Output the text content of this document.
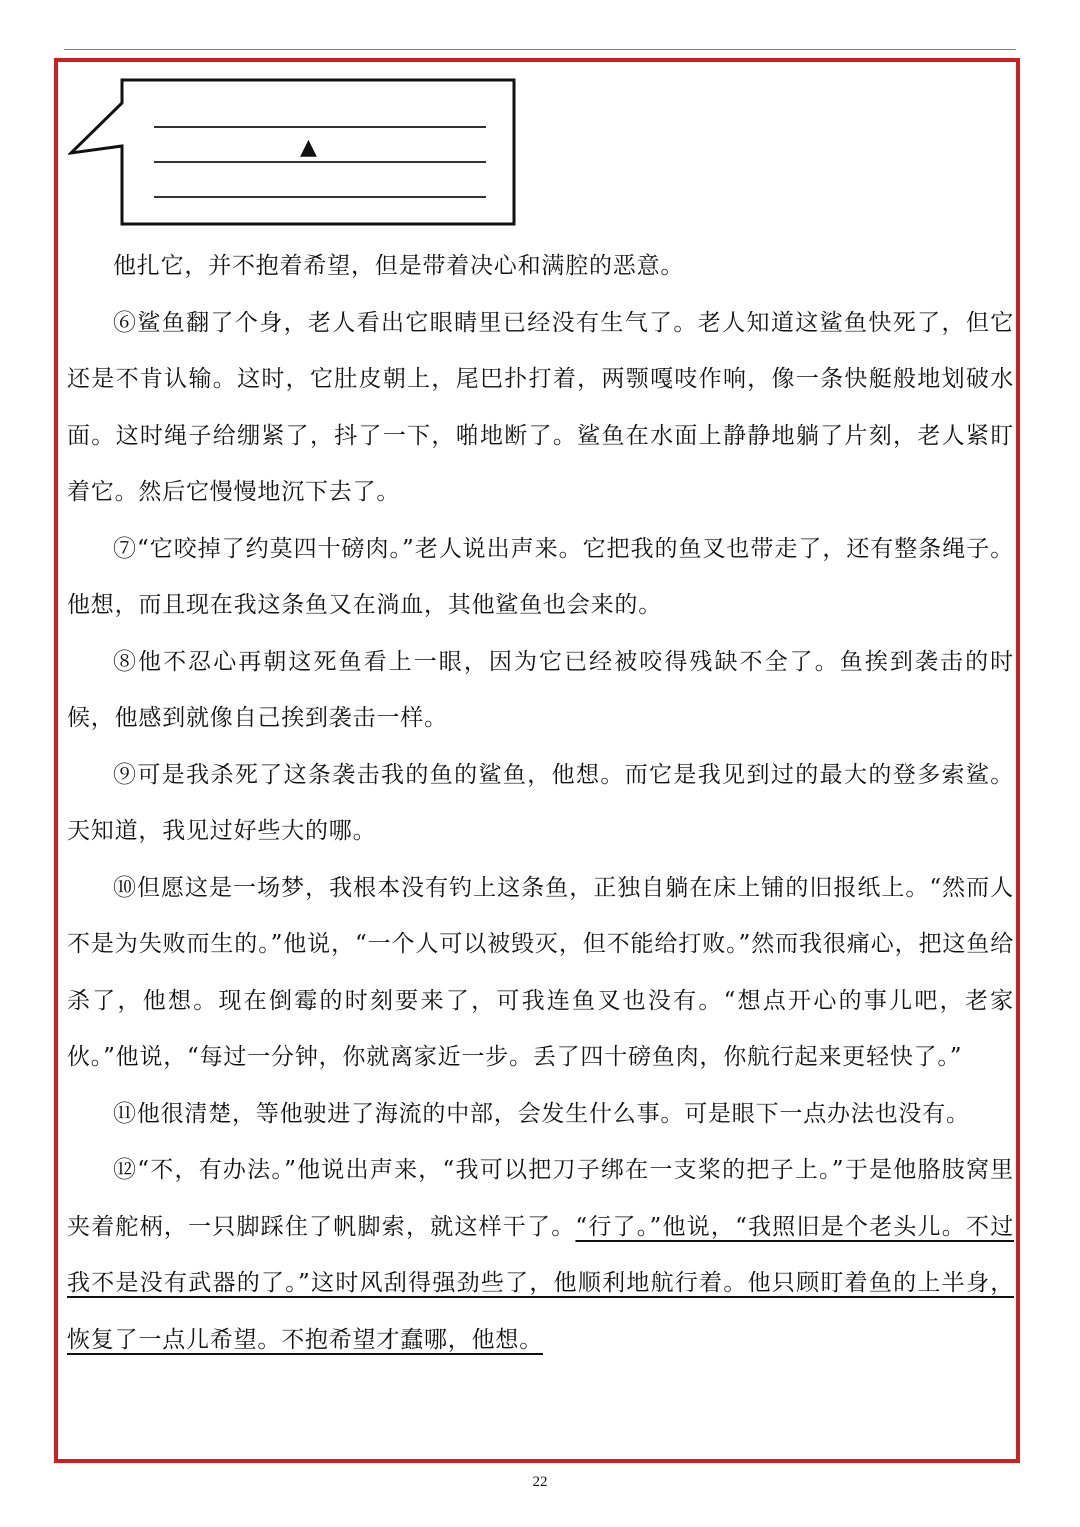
▲

他扎它，并不抱着希望，但是带着决心和满腔的恶意。

⑥鲨鱼翻了个身，老人看出它眼睛里已经没有生气了。老人知道这鲨鱼快死了，但它还是不肯认输。这时，它肚皮朝上，尾巴扑打着，两颚嘎吱作响，像一条快艇般地划破水面。这时绳子给绷紧了，抖了一下，啪地断了。鲨鱼在水面上静静地躺了片刻，老人紧盯着它。然后它慢慢地沉下去了。

⑦“它咬掉了约莫四十磅肉。”老人说出声来。它把我的鱼叉也带走了，还有整条绳子。他想，而且现在我这条鱼又在淌血，其他鲨鱼也会来的。

⑧他不忍心再朝这死鱼看上一眼，因为它已经被咬得残缺不全了。鱼挨到袭击的时候，他感到就像自己挨到袭击一样。

⑨可是我杀死了这条袭击我的鱼的鲨鱼，他想。而它是我见到过的最大的登多索鲨。天知道，我见过好些大的哪。

⑩但愿这是一场梦，我根本没有钓上这条鱼，正独自躺在床上铺的旧报纸上。“然而人不是为失败而生的。”他说，“一个人可以被毁灭，但不能给打败。”然而我很痛心，把这鱼给杀了，他想。现在倒霉的时刻要来了，可我连鱼叉也没有。“想点开心的事儿吧，老家伙。”他说，“每过一分钟，你就离家近一步。丢了四十磅鱼肉，你航行起来更轻快了。”

⑪他很清楚，等他驶进了海流的中部，会发生什么事。可是眼下一点办法也没有。

⑫“不，有办法。”他说出声来，“我可以把刀子绑在一支桨的把子上。”于是他胳肢窝里夹着舵柄，一只脚踩住了帆脚索，就这样干了。“行了。”他说，“我照旧是个老头儿。不过我不是没有武器的了。”这时风刮得强劲些了，他顺利地航行着。他只顾盯着鱼的上半身，恢复了一点儿希望。不抱希望才蠢哪，他想。

22
